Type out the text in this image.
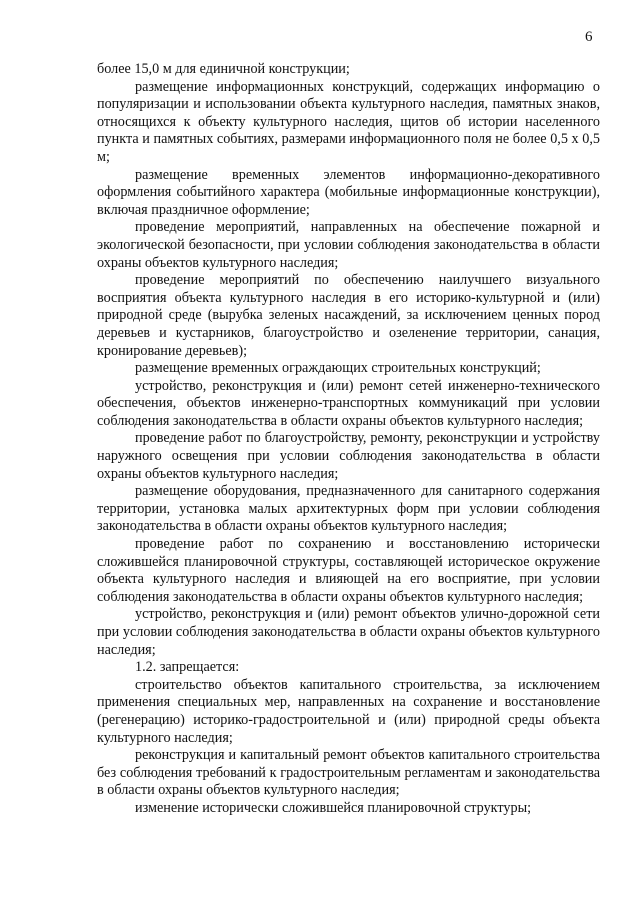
6

более 15,0 м для единичной конструкции;

размещение информационных конструкций, содержащих информацию о популяризации и использовании объекта культурного наследия, памятных знаков, относящихся к объекту культурного наследия, щитов об истории населенного пункта и памятных событиях, размерами информационного поля не более 0,5 х 0,5 м;

размещение временных элементов информационно-декоративного оформления событийного характера (мобильные информационные конструкции), включая праздничное оформление;

проведение мероприятий, направленных на обеспечение пожарной и экологической безопасности, при условии соблюдения законодательства в области охраны объектов культурного наследия;

проведение мероприятий по обеспечению наилучшего визуального восприятия объекта культурного наследия в его историко-культурной и (или) природной среде (вырубка зеленых насаждений, за исключением ценных пород деревьев и кустарников, благоустройство и озеленение территории, санация, кронирование деревьев);

размещение временных ограждающих строительных конструкций;

устройство, реконструкция и (или) ремонт сетей инженерно-технического обеспечения, объектов инженерно-транспортных коммуникаций при условии соблюдения законодательства в области охраны объектов культурного наследия;

проведение работ по благоустройству, ремонту, реконструкции и устройству наружного освещения при условии соблюдения законодательства в области охраны объектов культурного наследия;

размещение оборудования, предназначенного для санитарного содержания территории, установка малых архитектурных форм при условии соблюдения законодательства в области охраны объектов культурного наследия;

проведение работ по сохранению и восстановлению исторически сложившейся планировочной структуры, составляющей историческое окружение объекта культурного наследия и влияющей на его восприятие, при условии соблюдения законодательства в области охраны объектов культурного наследия;

устройство, реконструкция и (или) ремонт объектов улично-дорожной сети при условии соблюдения законодательства в области охраны объектов культурного наследия;

1.2. запрещается:

строительство объектов капитального строительства, за исключением применения специальных мер, направленных на сохранение и восстановление (регенерацию) историко-градостроительной и (или) природной среды объекта культурного наследия;

реконструкция и капитальный ремонт объектов капитального строительства без соблюдения требований к градостроительным регламентам и законодательства в области охраны объектов культурного наследия;

изменение исторически сложившейся планировочной структуры;
